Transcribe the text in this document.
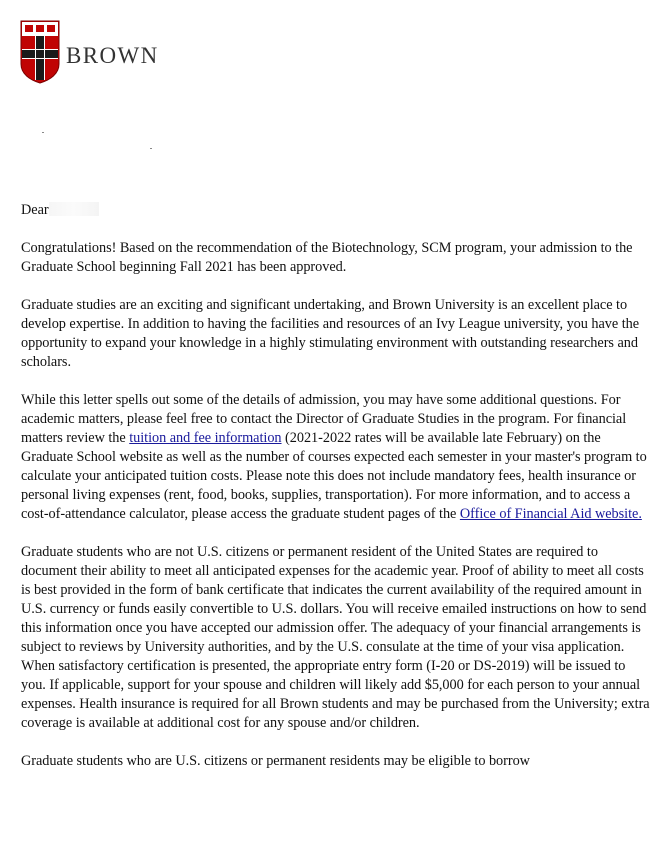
BROWN
Dear

Congratulations! Based on the recommendation of the Biotechnology, SCM program, your admission to the Graduate School beginning Fall 2021 has been approved.

Graduate studies are an exciting and significant undertaking, and Brown University is an excellent place to develop expertise. In addition to having the facilities and resources of an Ivy League university, you have the opportunity to expand your knowledge in a highly stimulating environment with outstanding researchers and scholars.

While this letter spells out some of the details of admission, you may have some additional questions. For academic matters, please feel free to contact the Director of Graduate Studies in the program. For financial matters review the tuition and fee information (2021-2022 rates will be available late February) on the Graduate School website as well as the number of courses expected each semester in your master's program to calculate your anticipated tuition costs. Please note this does not include mandatory fees, health insurance or personal living expenses (rent, food, books, supplies, transportation). For more information, and to access a cost-of-attendance calculator, please access the graduate student pages of the Office of Financial Aid website.

Graduate students who are not U.S. citizens or permanent resident of the United States are required to document their ability to meet all anticipated expenses for the academic year. Proof of ability to meet all costs is best provided in the form of bank certificate that indicates the current availability of the required amount in U.S. currency or funds easily convertible to U.S. dollars. You will receive emailed instructions on how to send this information once you have accepted our admission offer. The adequacy of your financial arrangements is subject to reviews by University authorities, and by the U.S. consulate at the time of your visa application. When satisfactory certification is presented, the appropriate entry form (I-20 or DS-2019) will be issued to you. If applicable, support for your spouse and children will likely add $5,000 for each person to your annual expenses. Health insurance is required for all Brown students and may be purchased from the University; extra coverage is available at additional cost for any spouse and/or children.

Graduate students who are U.S. citizens or permanent residents may be eligible to borrow
